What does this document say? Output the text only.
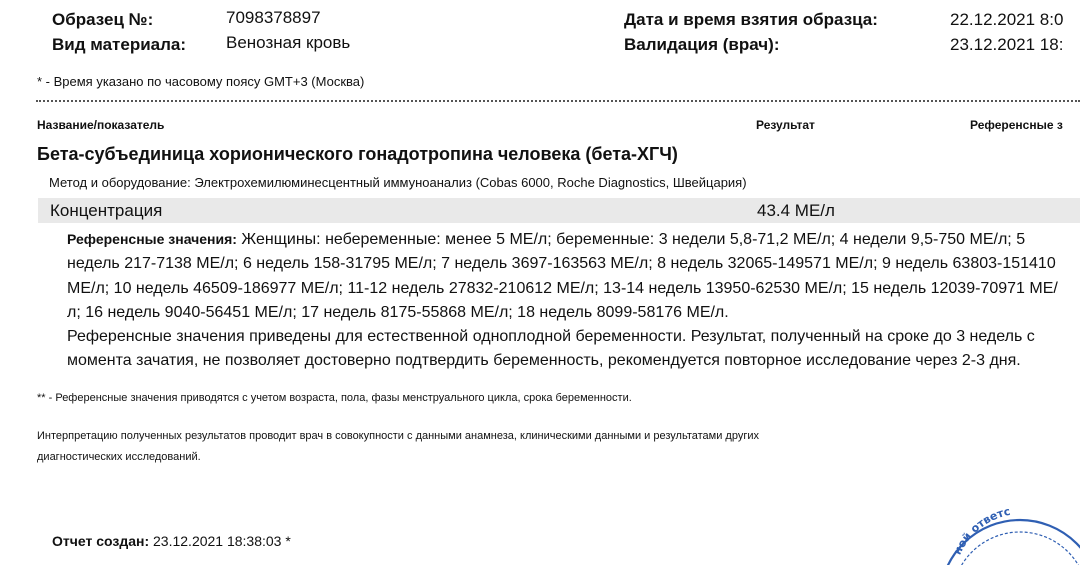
Образец №:	7098378897
Вид материала: Венозная кровь
Дата и время взятия образца:	22.12.2021 8:0
Валидация (врач):	23.12.2021 18:
* - Время указано по часовому поясу GMT+3 (Москва)
Название/показатель	Результат	Референсные з
Бета-субъединица хорионического гонадотропина человека (бета-ХГЧ)
Метод и оборудование: Электрохемилюминесцентный иммуноанализ (Cobas 6000, Roche Diagnostics, Швейцария)
Концентрация	43.4 МЕ/л
Референсные значения: Женщины: небеременные: менее 5 МЕ/л; беременные: 3 недели 5,8-71,2 МЕ/л; 4 недели 9,5-750 МЕ/л; 5 недель 217-7138 МЕ/л; 6 недель 158-31795 МЕ/л; 7 недель 3697-163563 МЕ/л; 8 недель 32065-149571 МЕ/л; 9 недель 63803-151410 МЕ/л; 10 недель 46509-186977 МЕ/л; 11-12 недель 27832-210612 МЕ/л; 13-14 недель 13950-62530 МЕ/л; 15 недель 12039-70971 МЕ/л; 16 недель 9040-56451 МЕ/л; 17 недель 8175-55868 МЕ/л; 18 недель 8099-58176 МЕ/л.
Референсные значения приведены для естественной одноплодной беременности. Результат, полученный на сроке до 3 недель с момента зачатия, не позволяет достоверно подтвердить беременность, рекомендуется повторное исследование через 2-3 дня.
** - Референсные значения приводятся с учетом возраста, пола, фазы менструального цикла, срока беременности.
Интерпретацию полученных результатов проводит врач в совокупности с данными анамнеза, клиническими данными и результатами других
диагностических исследований.
Отчет создан: 23.12.2021 18:38:03 *
ной ответс
